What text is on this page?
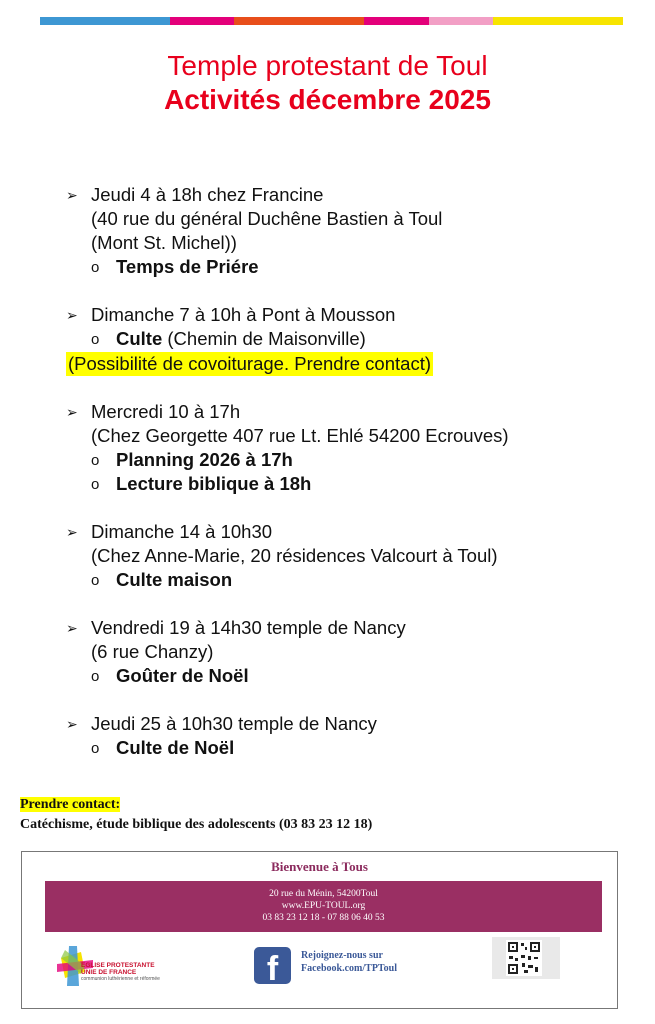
Temple protestant de Toul
Activités décembre 2025
➢ Jeudi 4 à 18h chez Francine
(40 rue du général Duchêne Bastien à Toul
(Mont St. Michel))
o Temps de Priére
➢ Dimanche 7 à 10h à Pont à Mousson
o Culte (Chemin de Maisonville)
(Possibilité de covoiturage. Prendre contact)
➢ Mercredi 10 à 17h
(Chez Georgette 407 rue Lt. Ehlé 54200 Ecrouves)
o Planning 2026 à 17h
o Lecture biblique à 18h
➢ Dimanche 14 à 10h30
(Chez Anne-Marie, 20 résidences Valcourt à Toul)
o Culte maison
➢ Vendredi 19 à 14h30 temple de Nancy
(6 rue Chanzy)
o Goûter de Noël
➢ Jeudi 25 à 10h30 temple de Nancy
o Culte de Noël
Prendre contact:
Catéchisme, étude biblique des adolescents (03 83 23 12 18)
Bienvenue à Tous
20 rue du Ménin, 54200Toul
www.EPU-TOUL.org
03 83 23 12 18 - 07 88 06 40 53
EGLISE PROTESTANTE
UNIE DE FRANCE
communion luthérienne et réformée	f	Rejoignez-nous sur
Facebook.com/TPToul
